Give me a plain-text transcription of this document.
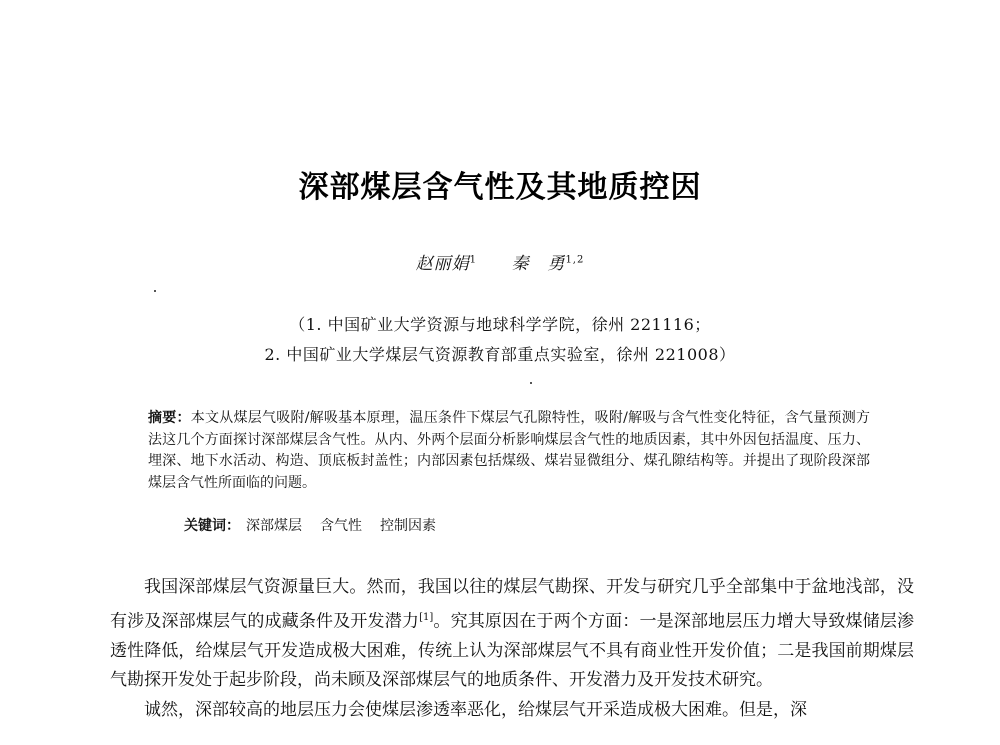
深部煤层含气性及其地质控因
赵丽娟$^1$ 秦　勇$^{1,2}$
（1. 中国矿业大学资源与地球科学学院，徐州 221116；
2. 中国矿业大学煤层气资源教育部重点实验室，徐州 221008）
摘要：本文从煤层气吸附/解吸基本原理，温压条件下煤层气孔隙特性，吸附/解吸与含气性变化特征，含气量预测方法这几个方面探讨深部煤层含气性。从内、外两个层面分析影响煤层含气性的地质因素，其中外因包括温度、压力、埋深、地下水活动、构造、顶底板封盖性；内部因素包括煤级、煤岩显微组分、煤孔隙结构等。并提出了现阶段深部煤层含气性所面临的问题。
关键词： 深部煤层 含气性 控制因素

我国深部煤层气资源量巨大。然而，我国以往的煤层气勘探、开发与研究几乎全部集中于盆地浅部，没有涉及深部煤层气的成藏条件及开发潜力[1]。究其原因在于两个方面：一是深部地层压力增大导致煤储层渗透性降低，给煤层气开发造成极大困难，传统上认为深部煤层气不具有商业性开发价值；二是我国前期煤层气勘探开发处于起步阶段，尚未顾及深部煤层气的地质条件、开发潜力及开发技术研究。

诚然，深部较高的地层压力会使煤层渗透率恶化，给煤层气开采造成极大困难。但是，深
